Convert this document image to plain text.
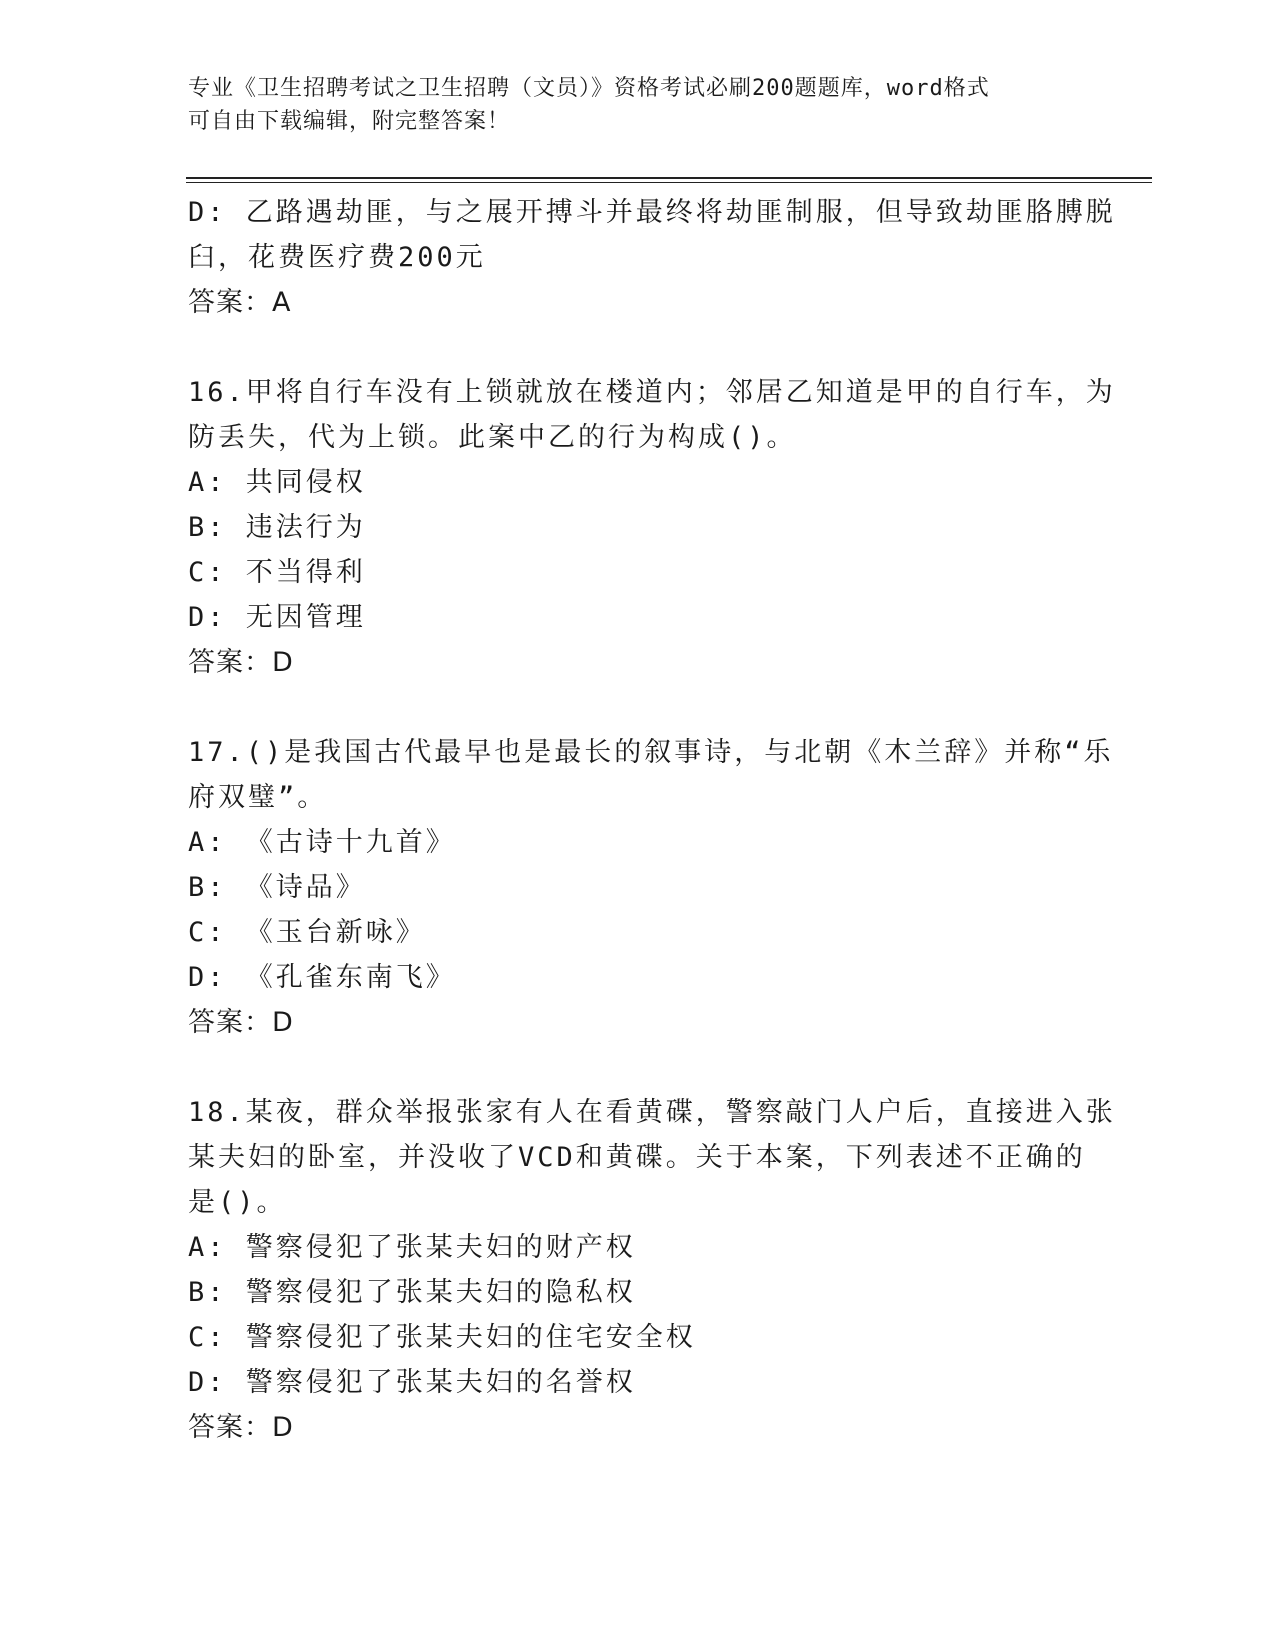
专业《卫生招聘考试之卫生招聘（文员）》资格考试必刷200题题库，word格式
可自由下载编辑，附完整答案！
D: 乙路遇劫匪，与之展开搏斗并最终将劫匪制服，但导致劫匪胳膊脱
臼，花费医疗费200元
答案：A
16.甲将自行车没有上锁就放在楼道内；邻居乙知道是甲的自行车，为
防丢失，代为上锁。此案中乙的行为构成()。
A: 共同侵权
B: 违法行为
C: 不当得利
D: 无因管理
答案：D
17.()是我国古代最早也是最长的叙事诗，与北朝《木兰辞》并称“乐
府双璧”。
A: 《古诗十九首》
B: 《诗品》
C: 《玉台新咏》
D: 《孔雀东南飞》
答案：D
18.某夜，群众举报张家有人在看黄碟，警察敲门人户后，直接进入张
某夫妇的卧室，并没收了VCD和黄碟。关于本案，下列表述不正确的
是()。
A: 警察侵犯了张某夫妇的财产权
B: 警察侵犯了张某夫妇的隐私权
C: 警察侵犯了张某夫妇的住宅安全权
D: 警察侵犯了张某夫妇的名誉权
答案：D
